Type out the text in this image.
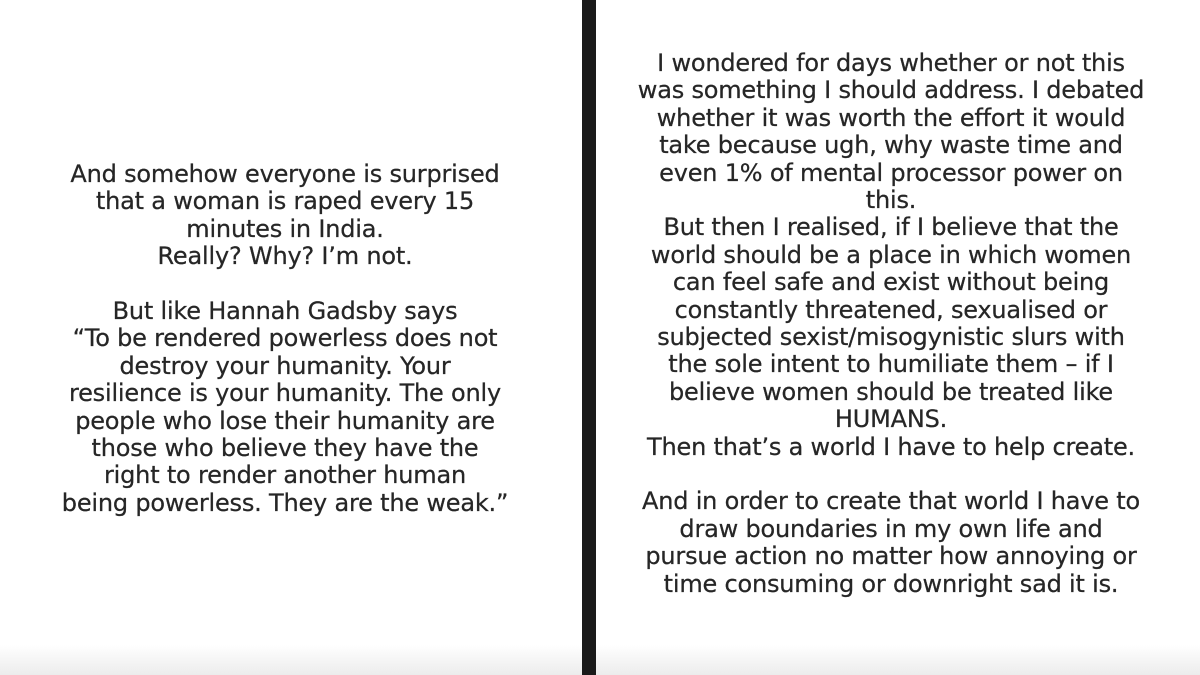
And somehow everyone is surprised
that a woman is raped every 15
minutes in India.
Really? Why? I’m not.
But like Hannah Gadsby says
“To be rendered powerless does not
destroy your humanity. Your
resilience is your humanity. The only
people who lose their humanity are
those who believe they have the
right to render another human
being powerless. They are the weak.”
I wondered for days whether or not this
was something I should address. I debated
whether it was worth the effort it would
take because ugh, why waste time and
even 1% of mental processor power on
this.
But then I realised, if I believe that the
world should be a place in which women
can feel safe and exist without being
constantly threatened, sexualised or
subjected sexist/misogynistic slurs with
the sole intent to humiliate them – if I
believe women should be treated like
HUMANS.
Then that’s a world I have to help create.
And in order to create that world I have to
draw boundaries in my own life and
pursue action no matter how annoying or
time consuming or downright sad it is.
